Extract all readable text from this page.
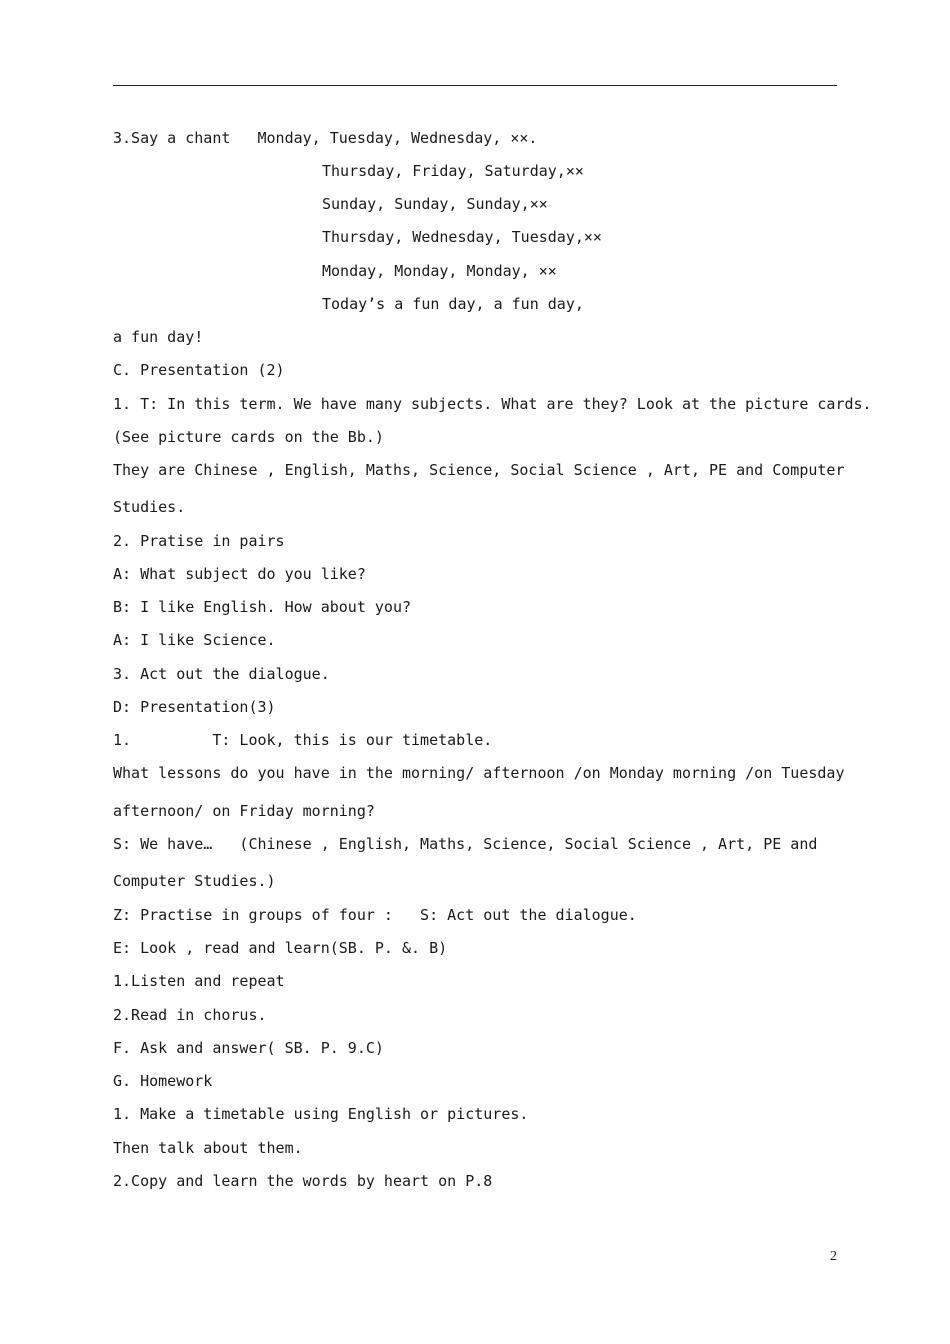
3.Say a chant   Monday, Tuesday, Wednesday, ××.
Thursday, Friday, Saturday,××
Sunday, Sunday, Sunday,××
Thursday, Wednesday, Tuesday,××
Monday, Monday, Monday, ××
Today’s a fun day, a fun day,
a fun day!
C. Presentation (2)
1. T: In this term. We have many subjects. What are they? Look at the picture cards.
(See picture cards on the Bb.)
They are Chinese , English, Maths, Science, Social Science , Art, PE and Computer
Studies.
2. Pratise in pairs
A: What subject do you like?
B: I like English. How about you?
A: I like Science.
3. Act out the dialogue.
D: Presentation(3)
1.         T: Look, this is our timetable.
What lessons do you have in the morning/ afternoon /on Monday morning /on Tuesday
afternoon/ on Friday morning?
S: We have…   (Chinese , English, Maths, Science, Social Science , Art, PE and
Computer Studies.)
Z: Practise in groups of four :   S: Act out the dialogue.
E: Look , read and learn(SB. P. &. B)
1.Listen and repeat
2.Read in chorus.
F. Ask and answer( SB. P. 9.C)
G. Homework
1. Make a timetable using English or pictures.
Then talk about them.
2.Copy and learn the words by heart on P.8
2
